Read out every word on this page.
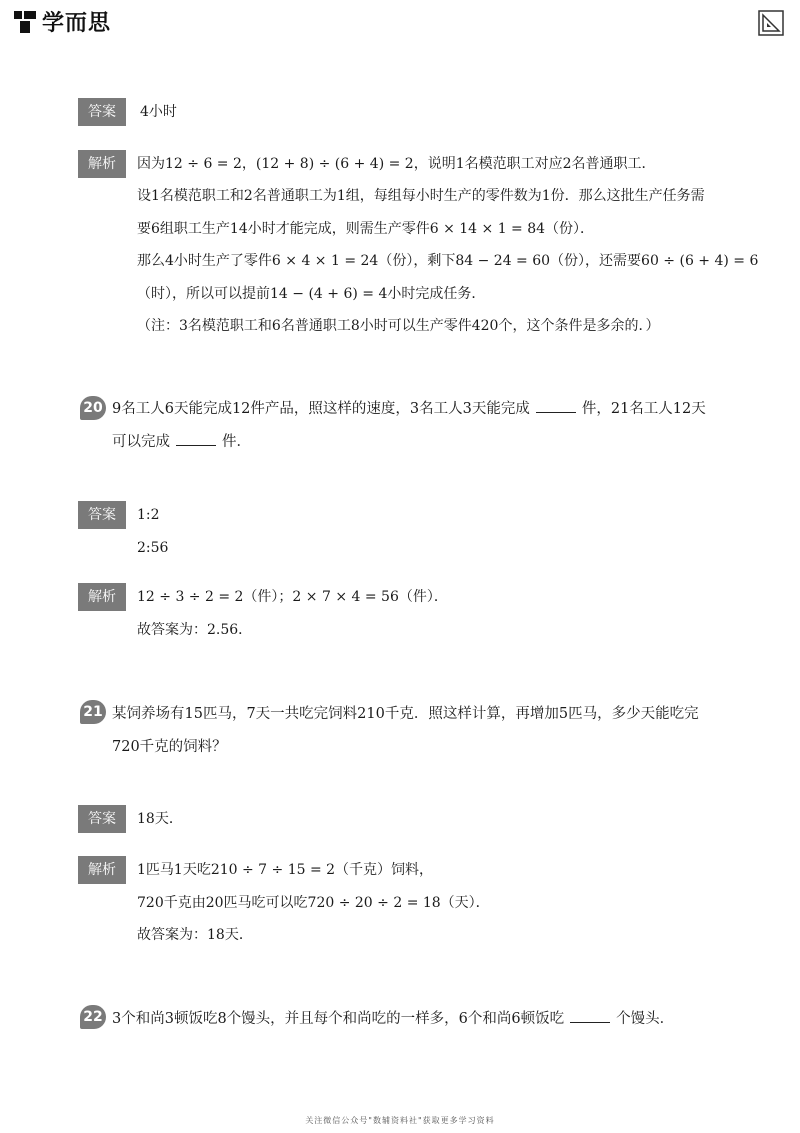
学而思
答案	4小时
解析	因为12 ÷ 6 = 2，(12 + 8) ÷ (6 + 4) = 2，说明1名模范职工对应2名普通职工．
设1名模范职工和2名普通职工为1组，每组每小时生产的零件数为1份．那么这批生产任务需
要6组职工生产14小时才能完成，则需生产零件6 × 14 × 1 = 84（份）．
那么4小时生产了零件6 × 4 × 1 = 24（份），剩下84 − 24 = 60（份），还需要60 ÷ (6 + 4) = 6
（时），所以可以提前14 − (4 + 6) = 4小时完成任务．
（注：3名模范职工和6名普通职工8小时可以生产零件420个，这个条件是多余的．）
20 9名工人6天能完成12件产品，照这样的速度，3名工人3天能完成	件，21名工人12天
可以完成	件．
答案	1:2
2:56
解析	12 ÷ 3 ÷ 2 = 2（件）；2 × 7 × 4 = 56（件）．
故答案为：2.56．
21 某饲养场有15匹马，7天一共吃完饲料210千克．照这样计算，再增加5匹马，多少天能吃完
720千克的饲料？
答案	18天．
解析	1匹马1天吃210 ÷ 7 ÷ 15 = 2（千克）饲料，
720千克由20匹马吃可以吃720 ÷ 20 ÷ 2 = 18（天）．
故答案为：18天．
22 3个和尚3顿饭吃8个馒头，并且每个和尚吃的一样多，6个和尚6顿饭吃	个馒头．
关注微信公众号"数辅资料社"获取更多学习资料
